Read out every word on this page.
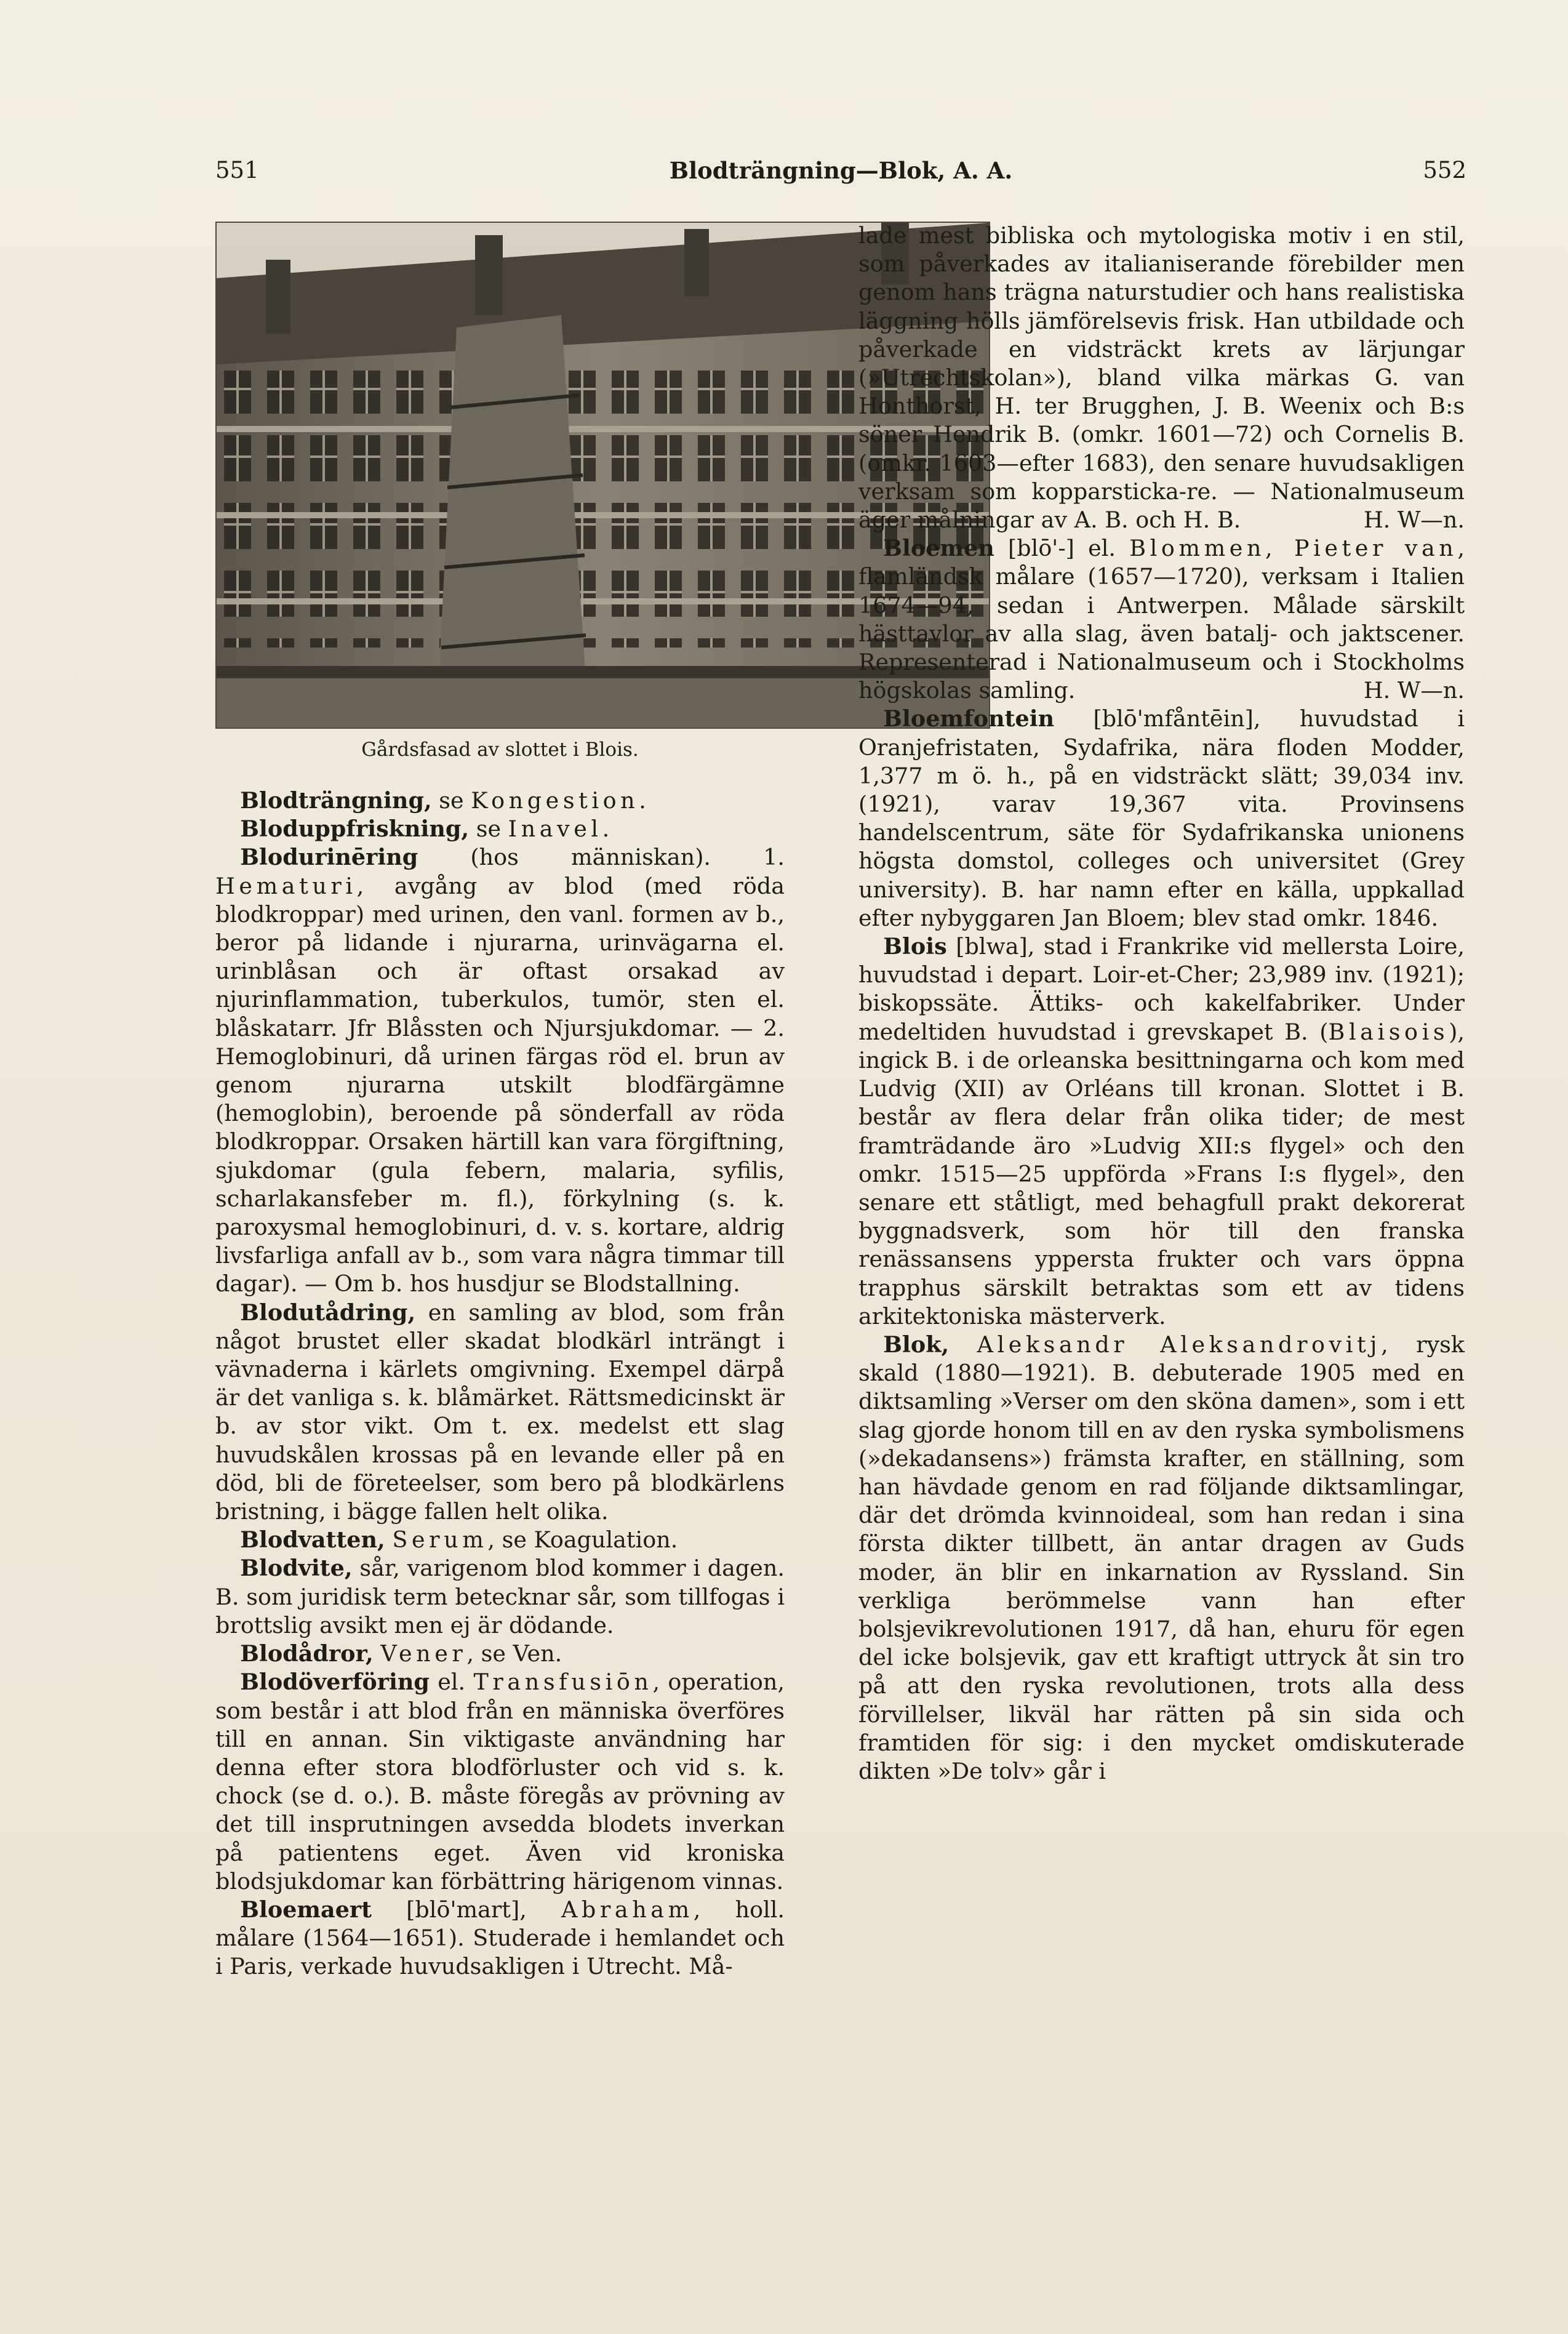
551	Blodträngning—Blok, A. A.	552

Gårdsfasad av slottet i Blois.

Blodträngning, se Kongestion.

Bloduppfriskning, se Inavel.

Blodurinēring (hos människan). 1. Hematuri, avgång av blod (med röda blodkroppar) med urinen, den vanl. formen av b., beror på lidande i njurarna, urinvägarna el. urinblåsan och är oftast orsakad av njurinflammation, tuberkulos, tumör, sten el. blåskatarr. Jfr Blåssten och Njursjukdomar. — 2. Hemoglobinuri, då urinen färgas röd el. brun av genom njurarna utskilt blodfärgämne (hemoglobin), beroende på sönderfall av röda blodkroppar. Orsaken härtill kan vara förgiftning, sjukdomar (gula febern, malaria, syfilis, scharlakansfeber m. fl.), förkylning (s. k. paroxysmal hemoglobinuri, d. v. s. kortare, aldrig livsfarliga anfall av b., som vara några timmar till dagar). — Om b. hos husdjur se Blodstallning.

Blodutådring, en samling av blod, som från något brustet eller skadat blodkärl inträngt i vävnaderna i kärlets omgivning. Exempel därpå är det vanliga s. k. blåmärket. Rättsmedicinskt är b. av stor vikt. Om t. ex. medelst ett slag huvudskålen krossas på en levande eller på en död, bli de företeelser, som bero på blodkärlens bristning, i bägge fallen helt olika.

Blodvatten, Serum, se Koagulation.

Blodvite, sår, varigenom blod kommer i dagen. B. som juridisk term betecknar sår, som tillfogas i brottslig avsikt men ej är dödande.

Blodådror, Vener, se Ven.

Blodöverföring el. Transfusiōn, operation, som består i att blod från en människa överföres till en annan. Sin viktigaste användning har denna efter stora blodförluster och vid s. k. chock (se d. o.). B. måste föregås av prövning av det till insprutningen avsedda blodets inverkan på patientens eget. Även vid kroniska blodsjukdomar kan förbättring härigenom vinnas.

Bloemaert [blō'mart], Abraham, holl. målare (1564—1651). Studerade i hemlandet och i Paris, verkade huvudsakligen i Utrecht. Må-

lade mest bibliska och mytologiska motiv i en stil, som påverkades av italianiserande förebilder men genom hans trägna naturstudier och hans realistiska läggning hölls jämförelsevis frisk. Han utbildade och påverkade en vidsträckt krets av lärjungar (»Utrechtskolan»), bland vilka märkas G. van Honthorst, H. ter Brugghen, J. B. Weenix och B:s söner Hendrik B. (omkr. 1601—72) och Cornelis B. (omkr. 1603—efter 1683), den senare huvudsakligen verksam som kopparsticka-re. — Nationalmuseum äger målningar av A. B. och H. B.	H. W—n.

Bloemen [blō'-] el. Blommen, Pieter van, flamländsk målare (1657—1720), verksam i Italien 1674—94, sedan i Antwerpen. Målade särskilt hästtavlor av alla slag, även batalj- och jaktscener. Representerad i Nationalmuseum och i Stockholms högskolas samling.	H. W—n.

Bloemfontein [blō'mfåntēin], huvudstad i Oranjefristaten, Sydafrika, nära floden Modder, 1,377 m ö. h., på en vidsträckt slätt; 39,034 inv. (1921), varav 19,367 vita. Provinsens handelscentrum, säte för Sydafrikanska unionens högsta domstol, colleges och universitet (Grey university). B. har namn efter en källa, uppkallad efter nybyggaren Jan Bloem; blev stad omkr. 1846.

Blois [blwa], stad i Frankrike vid mellersta Loire, huvudstad i depart. Loir-et-Cher; 23,989 inv. (1921); biskopssäte. Ättiks- och kakelfabriker. Under medeltiden huvudstad i grevskapet B. (Blaisois), ingick B. i de orleanska besittningarna och kom med Ludvig (XII) av Orléans till kronan. Slottet i B. består av flera delar från olika tider; de mest framträdande äro »Ludvig XII:s flygel» och den omkr. 1515—25 uppförda »Frans I:s flygel», den senare ett ståtligt, med behagfull prakt dekorerat byggnadsverk, som hör till den franska renässansens yppersta frukter och vars öppna trapphus särskilt betraktas som ett av tidens arkitektoniska mästerverk.

Blok, Aleksandr Aleksandrovitj, rysk skald (1880—1921). B. debuterade 1905 med en diktsamling »Verser om den sköna damen», som i ett slag gjorde honom till en av den ryska symbolismens (»dekadansens») främsta krafter, en ställning, som han hävdade genom en rad följande diktsamlingar, där det drömda kvinnoideal, som han redan i sina första dikter tillbett, än antar dragen av Guds moder, än blir en inkarnation av Ryssland. Sin verkliga berömmelse vann han efter bolsjevikrevolutionen 1917, då han, ehuru för egen del icke bolsjevik, gav ett kraftigt uttryck åt sin tro på att den ryska revolutionen, trots alla dess förvillelser, likväl har rätten på sin sida och framtiden för sig: i den mycket omdiskuterade dikten »De tolv» går i
